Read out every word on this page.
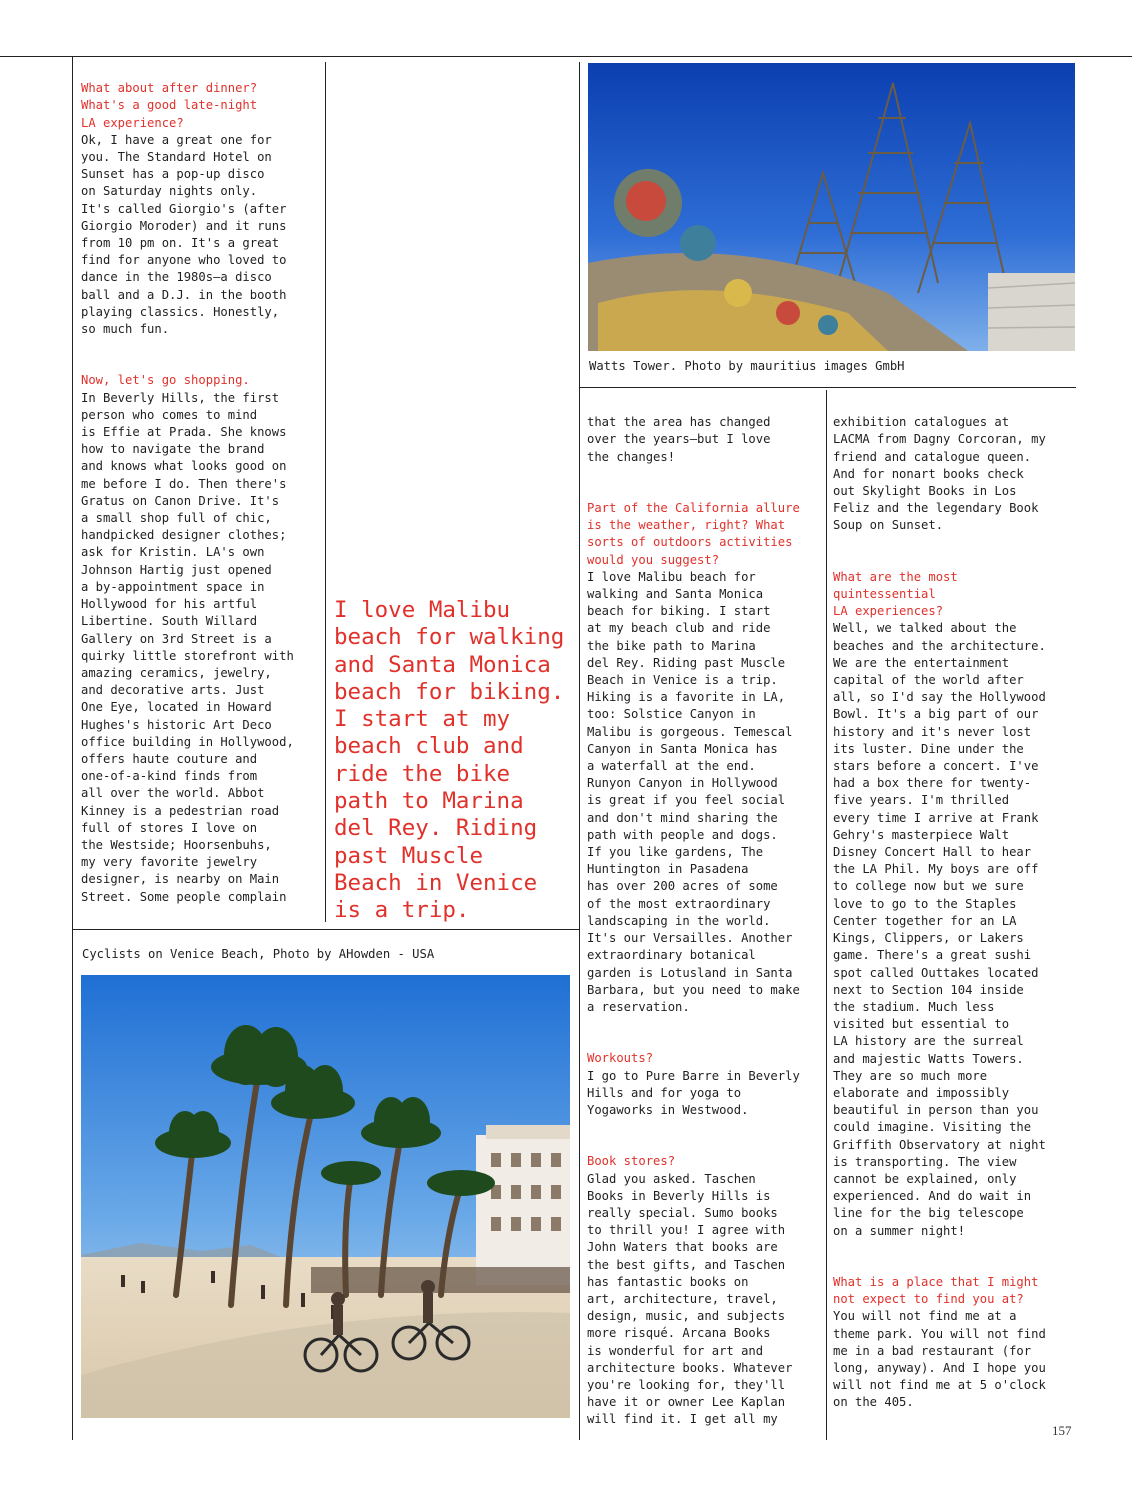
What about after dinner?
What's a good late-night
LA experience?
Ok, I have a great one for
you. The Standard Hotel on
Sunset has a pop-up disco
on Saturday nights only.
It's called Giorgio's (after
Giorgio Moroder) and it runs
from 10 pm on. It's a great
find for anyone who loved to
dance in the 1980s–a disco
ball and a D.J. in the booth
playing classics. Honestly,
so much fun.

Now, let's go shopping.
In Beverly Hills, the first
person who comes to mind
is Effie at Prada. She knows
how to navigate the brand
and knows what looks good on
me before I do. Then there's
Gratus on Canon Drive. It's
a small shop full of chic,
handpicked designer clothes;
ask for Kristin. LA's own
Johnson Hartig just opened
a by-appointment space in
Hollywood for his artful
Libertine. South Willard
Gallery on 3rd Street is a
quirky little storefront with
amazing ceramics, jewelry,
and decorative arts. Just
One Eye, located in Howard
Hughes's historic Art Deco
office building in Hollywood,
offers haute couture and
one-of-a-kind finds from
all over the world. Abbot
Kinney is a pedestrian road
full of stores I love on
the Westside; Hoorsenbuhs,
my very favorite jewelry
designer, is nearby on Main
Street. Some people complain

I love Malibu
beach for walking
and Santa Monica
beach for biking.
I start at my
beach club and
ride the bike
path to Marina
del Rey. Riding
past Muscle
Beach in Venice
is a trip.
Cyclists on Venice Beach, Photo by AHowden - USA
Watts Tower. Photo by mauritius images GmbH

that the area has changed
over the years–but I love
the changes!

Part of the California allure
is the weather, right? What
sorts of outdoors activities
would you suggest?
I love Malibu beach for
walking and Santa Monica
beach for biking. I start
at my beach club and ride
the bike path to Marina
del Rey. Riding past Muscle
Beach in Venice is a trip.
Hiking is a favorite in LA,
too: Solstice Canyon in
Malibu is gorgeous. Temescal
Canyon in Santa Monica has
a waterfall at the end.
Runyon Canyon in Hollywood
is great if you feel social
and don't mind sharing the
path with people and dogs.
If you like gardens, The
Huntington in Pasadena
has over 200 acres of some
of the most extraordinary
landscaping in the world.
It's our Versailles. Another
extraordinary botanical
garden is Lotusland in Santa
Barbara, but you need to make
a reservation.

Workouts?
I go to Pure Barre in Beverly
Hills and for yoga to
Yogaworks in Westwood.

Book stores?
Glad you asked. Taschen
Books in Beverly Hills is
really special. Sumo books
to thrill you! I agree with
John Waters that books are
the best gifts, and Taschen
has fantastic books on
art, architecture, travel,
design, music, and subjects
more risqué. Arcana Books
is wonderful for art and
architecture books. Whatever
you're looking for, they'll
have it or owner Lee Kaplan
will find it. I get all my

exhibition catalogues at
LACMA from Dagny Corcoran, my
friend and catalogue queen.
And for nonart books check
out Skylight Books in Los
Feliz and the legendary Book
Soup on Sunset.

What are the most
quintessential
LA experiences?
Well, we talked about the
beaches and the architecture.
We are the entertainment
capital of the world after
all, so I'd say the Hollywood
Bowl. It's a big part of our
history and it's never lost
its luster. Dine under the
stars before a concert. I've
had a box there for twenty-
five years. I'm thrilled
every time I arrive at Frank
Gehry's masterpiece Walt
Disney Concert Hall to hear
the LA Phil. My boys are off
to college now but we sure
love to go to the Staples
Center together for an LA
Kings, Clippers, or Lakers
game. There's a great sushi
spot called Outtakes located
next to Section 104 inside
the stadium. Much less
visited but essential to
LA history are the surreal
and majestic Watts Towers.
They are so much more
elaborate and impossibly
beautiful in person than you
could imagine. Visiting the
Griffith Observatory at night
is transporting. The view
cannot be explained, only
experienced. And do wait in
line for the big telescope
on a summer night!

What is a place that I might
not expect to find you at?
You will not find me at a
theme park. You will not find
me in a bad restaurant (for
long, anyway). And I hope you
will not find me at 5 o'clock
on the 405.

157
